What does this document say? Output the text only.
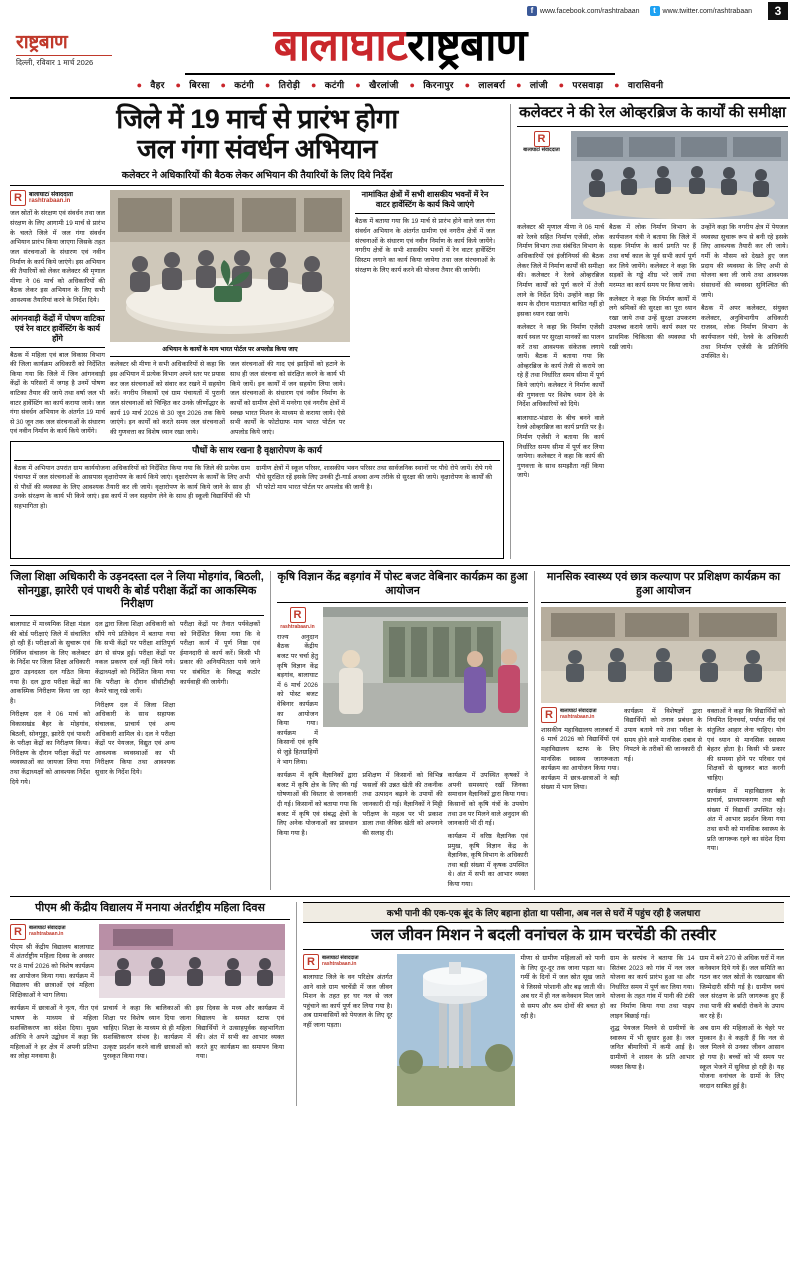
f www.facebook.com/rashtrabaan	t www.twitter.com/rashtrabaan	3
राष्ट्रबाण
दिल्ली, रविवार 1 मार्च 2026	बालाघाटराष्ट्रबाण
● वैहर ● बिरसा ● कटंगी ● तिरोड़ी ● कटंगी ● खैरलांजी ● किरनापुर ● लालबर्रा ● लांजी ● परसवाड़ा ● वारासिवनी
जिले में 19 मार्च से प्रारंभ होगा
जल गंगा संवर्धन अभियान
कलेक्टर ने अधिकारियों की बैठक लेकर अभियान की तैयारियों के लिए दिये निर्देश
R	बालाघाट/ संवाददाता
rashtrabaan.in
जल स्रोतों के संरक्षण एवं संवर्धन तथा जल संरक्षण के लिए आगामी 19 मार्च से प्रारंभ के चलते जिले में जल गंगा संवर्धन अभियान प्रारंभ किया जाएगा जिसके तहत जल संरचनाओं के संधारण एवं नवीन निर्माण के कार्य किये जाएंगे। इस अभियान की तैयारियों को लेकर कलेक्टर श्री मृणाल मीणा ने 06 मार्च को अधिकारियों की बैठक लेकर इस अभियान के लिए सभी आवश्यक तैयारियां करने के निर्देश दिये।
आंगनवाड़ी केंद्रों में पोषण वाटिका एवं रेन वाटर हार्वेस्टिंग के कार्य होंगे
बैठक में महिला एवं बाल विकास विभाग की जिला कार्यक्रम अधिकारी को निर्देशित किया गया कि जिले में जिन आंगनवाड़ी केंद्रों के परिसरों में जगह है उनमें पोषण वाटिका तैयार की जाये तथा वर्षा जल भी वाटर हार्वेस्टिंग का कार्य कराया जाये। जल गंगा संवर्धन अभियान के अंतर्गत 19 मार्च से 30 जून तक जल संरचनाओं के संधारण एवं नवीन निर्माण के कार्य किये जायेंगे।
अभियान के कार्यों के माय भारत पोर्टल पर अपलोड किया जाए
कलेक्टर श्री मीणा ने सभी अधिकारियों से कहा कि इस अभियान में प्रत्येक विभाग अपने स्तर पर प्रयास कर जल संरचनाओं को संवार कर रखने में सहयोग करें। नगरीय निकायों एवं ग्राम पंचायतों में पुरानी जल संरचनाओं को चिन्हित कर उनके जीर्णोद्धार के कार्य 19 मार्च 2026 से 30 जून 2026 तक किये जाएंगे। इन कार्यों को करते समय जल संरचनाओं की गुणवत्ता का विशेष ध्यान रखा जाये।
जल संरचनाओं की गाद एवं झाड़ियों को हटाने के साथ ही जल संरचना को संरक्षित करने के कार्य भी किये जायें। इन कार्यों में जन सहयोग लिया जाये। जल संरचनाओं के संधारण एवं नवीन निर्माण के कार्यों को ग्रामीण क्षेत्रों में मनरेगा एवं नगरीय क्षेत्रों में स्वच्छ भारत मिशन के माध्यम से कराया जाये। ऐसे सभी कार्यों के फोटोग्राफ माय भारत पोर्टल पर अपलोड किये जाएं।
नामांकित क्षेत्रों में सभी शासकीय भवनों में रेन वाटर हार्वेस्टिंग के कार्य किये जाएंगे
बैठक में बताया गया कि 19 मार्च से प्रारंभ होने वाले जल गंगा संवर्धन अभियान के अंतर्गत ग्रामीण एवं नगरीय क्षेत्रों में जल संरचनाओं के संधारण एवं नवीन निर्माण के कार्य किये जायेंगे। नगरीय क्षेत्रों के सभी शासकीय भवनों में रेन वाटर हार्वेस्टिंग सिस्टम लगाने का कार्य किया जायेगा तथा जल संरचनाओं के संरक्षण के लिए कार्य करने की योजना तैयार की जायेगी।
पौधों के साथ रखना है वृक्षारोपण के कार्य
बैठक में अभियान उपरांत ग्राम कार्ययोजना अधिकारियों को निर्देशित किया गया कि जिले की प्रत्येक ग्राम पंचायत में जल संरचनाओं के आसपास वृक्षारोपण के कार्य किये जाएं। वृक्षारोपण के कार्यों के लिए अभी से पौधों की व्यवस्था के लिए आवश्यक तैयारी कर ली जाये। वृक्षारोपण के कार्य किये जाने के साथ ही उनके संरक्षण के कार्य भी किये जाएं। इस कार्य में जन सहयोग लेने के साथ ही स्कूली विद्यार्थियों की भी सहभागिता हो।
ग्रामीण क्षेत्रों में स्कूल परिसर, शासकीय भवन परिसर तथा सार्वजनिक स्थानों पर पौधे रोपे जायें। रोपे गये पौधे सुरक्षित रहें इसके लिए उनकी ट्री-गार्ड अथवा अन्य तरीके से सुरक्षा की जाये। वृक्षारोपण के कार्यों की भी फोटो माय भारत पोर्टल पर अपलोड की जानी है।
कलेक्टर ने की रेल ओव्हरब्रिज के कार्यों की समीक्षा
R
बालाघाट/ संवाददाता
कलेक्टर श्री मृणाल मीणा ने 06 मार्च को रेलवे सहित निर्माण एजेंसी, लोक निर्माण विभाग तथा संबंधित विभाग के अधिकारियों एवं इंजीनियर्स की बैठक लेकर जिले में निर्माण कार्यों की समीक्षा की। कलेक्टर ने रेलवे ओव्हरब्रिज निर्माण कार्यों को पूर्ण करने में तेजी लाने के निर्देश दिये। उन्होंने कहा कि काम के दौरान यातायात बाधित नहीं हो इसका ध्यान रखा जाये।
कलेक्टर ने कहा कि निर्माण एजेंसी कार्य स्थल पर सुरक्षा मानकों का पालन करें तथा आवश्यक संकेतक लगाये जायें। बैठक में बताया गया कि ओव्हरब्रिज के कार्य तेजी से कराये जा रहे हैं तथा निर्धारित समय सीमा में पूर्ण किये जाएंगे। कलेक्टर ने निर्माण कार्यों की गुणवत्ता पर विशेष ध्यान देने के निर्देश अधिकारियों को दिये।
बालाघाट-भंडारा के बीच बनने वाले रेलवे ओव्हरब्रिज का कार्य प्रगति पर है। निर्माण एजेंसी ने बताया कि कार्य निर्धारित समय सीमा में पूर्ण कर लिया जायेगा। कलेक्टर ने कहा कि कार्य की गुणवत्ता के साथ समझौता नहीं किया जाये।
बैठक में लोक निर्माण विभाग के कार्यपालन यंत्री ने बताया कि जिले में सड़क निर्माण के कार्य प्रगति पर हैं तथा वर्षा काल के पूर्व सभी कार्य पूर्ण कर लिये जायेंगे। कलेक्टर ने कहा कि सड़कों के गड्ढे शीघ्र भरे जायें तथा मरम्मत का कार्य समय पर किया जाये।
कलेक्टर ने कहा कि निर्माण कार्यों में लगे श्रमिकों की सुरक्षा का पूरा ध्यान रखा जाये तथा उन्हें सुरक्षा उपकरण उपलब्ध कराये जायें। कार्य स्थल पर प्राथमिक चिकित्सा की व्यवस्था भी रखी जाये।
उन्होंने कहा कि नगरीय क्षेत्र में पेयजल व्यवस्था सुचारू रूप से बनी रहे इसके लिए आवश्यक तैयारी कर ली जाये। गर्मी के मौसम को देखते हुए जल प्रदाय की व्यवस्था के लिए अभी से योजना बना ली जाये तथा आवश्यक संसाधनों की व्यवस्था सुनिश्चित की जाये।
बैठक में अपर कलेक्टर, संयुक्त कलेक्टर, अनुविभागीय अधिकारी राजस्व, लोक निर्माण विभाग के कार्यपालन यंत्री, रेलवे के अधिकारी तथा निर्माण एजेंसी के प्रतिनिधि उपस्थित थे।
जिला शिक्षा अधिकारी के उड़नदस्ता दल ने लिया मोहगांव, बिठली, सोनगुड्डा, झारेरी एवं पाथरी के बोर्ड परीक्षा केंद्रों का आकस्मिक निरीक्षण
बालाघाट में माध्यमिक शिक्षा मंडल की बोर्ड परीक्षाएं जिले में संचालित हो रही हैं। परीक्षाओं के सुचारू एवं निर्विघ्न संचालन के लिए कलेक्टर के निर्देश पर जिला शिक्षा अधिकारी द्वारा उड़नदस्ता दल गठित किया गया है। दल द्वारा परीक्षा केंद्रों का आकस्मिक निरीक्षण किया जा रहा है।
निरीक्षण दल ने 06 मार्च को विकासखंड बैहर के मोहगांव, बिठली, सोनगुड्डा, झारेरी एवं पाथरी के परीक्षा केंद्रों का निरीक्षण किया। निरीक्षण के दौरान परीक्षा केंद्रों पर व्यवस्थाओं का जायजा लिया गया तथा केंद्राध्यक्षों को आवश्यक निर्देश दिये गये।
दल द्वारा जिला शिक्षा अधिकारी को सौंपे गये प्रतिवेदन में बताया गया कि सभी केंद्रों पर परीक्षा शांतिपूर्ण ढंग से संपन्न हुई। परीक्षा केंद्रों पर नकल प्रकरण दर्ज नहीं किये गये। केंद्राध्यक्षों को निर्देशित किया गया कि परीक्षा के दौरान सीसीटीव्ही कैमरे चालू रखे जायें।
निरीक्षण दल में जिला शिक्षा अधिकारी के साथ सहायक संचालक, प्राचार्य एवं अन्य अधिकारी शामिल थे। दल ने परीक्षा केंद्रों पर पेयजल, विद्युत एवं अन्य आवश्यक व्यवस्थाओं का भी निरीक्षण किया तथा आवश्यक सुधार के निर्देश दिये।
परीक्षा केंद्रों पर तैनात पर्यवेक्षकों को निर्देशित किया गया कि वे परीक्षा कार्य में पूर्ण निष्ठा एवं ईमानदारी से कार्य करें। किसी भी प्रकार की अनियमितता पाये जाने पर संबंधित के विरुद्ध कठोर कार्यवाही की जायेगी।
कृषि विज्ञान केंद्र बड़गांव में पोस्ट बजट वेबिनार कार्यक्रम का हुआ आयोजन
R
rashtrabaan.in
राज्य अनुदान बैठक केंद्रीय बजट पर चर्चा हेतु कृषि विज्ञान केंद्र बड़गांव, बालाघाट में 6 मार्च 2026 को पोस्ट बजट वेबिनार कार्यक्रम का आयोजन किया गया। कार्यक्रम में किसानों एवं कृषि से जुड़े हितग्राहियों ने भाग लिया।
कार्यक्रम में कृषि वैज्ञानिकों द्वारा बजट में कृषि क्षेत्र के लिए की गई घोषणाओं की विस्तार से जानकारी दी गई। किसानों को बताया गया कि बजट में कृषि एवं संबद्ध क्षेत्रों के लिए अनेक योजनाओं का प्रावधान किया गया है।
प्रशिक्षण में किसानों को विभिन्न फसलों की उन्नत खेती की तकनीक तथा उत्पादन बढ़ाने के उपायों की जानकारी दी गई। वैज्ञानिकों ने मिट्टी परीक्षण के महत्व पर भी प्रकाश डाला तथा जैविक खेती को अपनाने की सलाह दी।
कार्यक्रम में उपस्थित कृषकों ने अपनी समस्याएं रखीं जिनका समाधान वैज्ञानिकों द्वारा किया गया। किसानों को कृषि यंत्रों के उपयोग तथा उन पर मिलने वाले अनुदान की जानकारी भी दी गई।
कार्यक्रम में वरिष्ठ वैज्ञानिक एवं प्रमुख, कृषि विज्ञान केंद्र के वैज्ञानिक, कृषि विभाग के अधिकारी तथा बड़ी संख्या में कृषक उपस्थित थे। अंत में सभी का आभार व्यक्त किया गया।
मानसिक स्वास्थ्य एवं छात्र कल्याण पर प्रशिक्षण कार्यक्रम का हुआ आयोजन
R	बालाघाट/ संवाददाता
rashtrabaan.in
शासकीय महाविद्यालय लालबर्रा में 6 मार्च 2026 को विद्यार्थियों एवं महाविद्यालय स्टाफ के लिए मानसिक स्वास्थ्य जागरूकता कार्यक्रम का आयोजन किया गया। कार्यक्रम में छात्र-छात्राओं ने बड़ी संख्या में भाग लिया।
कार्यक्रम में विशेषज्ञों द्वारा विद्यार्थियों को तनाव प्रबंधन के उपाय बताये गये तथा परीक्षा के समय होने वाले मानसिक दबाव से निपटने के तरीकों की जानकारी दी गई।
वक्ताओं ने कहा कि विद्यार्थियों को नियमित दिनचर्या, पर्याप्त नींद एवं संतुलित आहार लेना चाहिए। योग एवं ध्यान से मानसिक स्वास्थ्य बेहतर होता है। किसी भी प्रकार की समस्या होने पर परिवार एवं शिक्षकों से खुलकर बात करनी चाहिए।
कार्यक्रम में महाविद्यालय के प्राचार्य, प्राध्यापकगण तथा बड़ी संख्या में विद्यार्थी उपस्थित रहे। अंत में आभार प्रदर्शन किया गया तथा सभी को मानसिक स्वास्थ्य के प्रति जागरूक रहने का संदेश दिया गया।
पीएम श्री केंद्रीय विद्यालय में मनाया अंतर्राष्ट्रीय महिला दिवस
R	बालाघाट/ संवाददाता
rashtrabaan.in
पीएम श्री केंद्रीय विद्यालय बालाघाट में अंतर्राष्ट्रीय महिला दिवस के अवसर पर 8 मार्च 2026 को विशेष कार्यक्रम का आयोजन किया गया। कार्यक्रम में विद्यालय की छात्राओं एवं महिला शिक्षिकाओं ने भाग लिया।
कार्यक्रम में छात्राओं ने नृत्य, गीत एवं भाषण के माध्यम से महिला सशक्तिकरण का संदेश दिया। मुख्य अतिथि ने अपने उद्बोधन में कहा कि महिलाओं ने हर क्षेत्र में अपनी प्रतिभा का लोहा मनवाया है।
प्राचार्य ने कहा कि बालिकाओं की शिक्षा पर विशेष ध्यान दिया जाना चाहिए। शिक्षा के माध्यम से ही महिला सशक्तिकरण संभव है। कार्यक्रम में उत्कृष्ट प्रदर्शन करने वाली छात्राओं को पुरस्कृत किया गया।
इस दिवस के मध्य और कार्यक्रम में विद्यालय के समस्त स्टाफ एवं विद्यार्थियों ने उत्साहपूर्वक सहभागिता की। अंत में सभी का आभार व्यक्त करते हुए कार्यक्रम का समापन किया गया।
कभी पानी की एक-एक बूंद के लिए बहाना होता था पसीना, अब नल से घरों में पहुंच रही है जलधारा
जल जीवन मिशन ने बदली वनांचल के ग्राम चरचेंडी की तस्वीर
R	बालाघाट/ संवाददाता
rashtrabaan.in
बालाघाट जिले के वन परिक्षेत्र अंतर्गत आने वाले ग्राम चरचेंडी में जल जीवन मिशन के तहत हर घर नल से जल पहुंचाने का कार्य पूर्ण कर लिया गया है। अब ग्रामवासियों को पेयजल के लिए दूर नहीं जाना पड़ता।
मीणा से ग्रामीण महिलाओं को पानी के लिए दूर-दूर तक जाना पड़ता था। गर्मी के दिनों में जल स्रोत सूख जाते थे जिससे परेशानी और बढ़ जाती थी। अब घर में ही नल कनेक्शन मिल जाने से समय और श्रम दोनों की बचत हो रही है।
ग्राम के सरपंच ने बताया कि 14 सितंबर 2023 को गांव में नल जल योजना का कार्य प्रारंभ हुआ था और निर्धारित समय में पूर्ण कर लिया गया। योजना के तहत गांव में पानी की टंकी का निर्माण किया गया तथा पाइप लाइन बिछाई गई।
शुद्ध पेयजल मिलने से ग्रामीणों के स्वास्थ्य में भी सुधार हुआ है। जल जनित बीमारियों में कमी आई है। ग्रामीणों ने शासन के प्रति आभार व्यक्त किया है।
ग्राम में बने 270 से अधिक घरों में नल कनेक्शन दिये गये हैं। जल समिति का गठन कर जल स्रोतों के रखरखाव की जिम्मेदारी सौंपी गई है। ग्रामीण स्वयं जल संरक्षण के प्रति जागरूक हुए हैं तथा पानी की बर्बादी रोकने के उपाय कर रहे हैं।
अब ग्राम की महिलाओं के चेहरे पर मुस्कान है। वे कहती हैं कि नल से जल मिलने से उनका जीवन आसान हो गया है। बच्चों को भी समय पर स्कूल भेजने में सुविधा हो रही है। यह योजना वनांचल के ग्रामों के लिए वरदान साबित हुई है।
